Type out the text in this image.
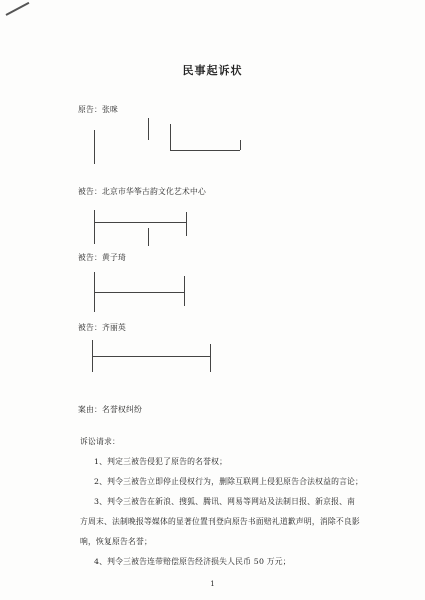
民事起诉状
原告：张咪
被告：北京市华筝古韵文化艺术中心
被告：黄子琦
被告：齐丽英
案由：名誉权纠纷
诉讼请求：
1、判定三被告侵犯了原告的名誉权；
2、判令三被告立即停止侵权行为，删除互联网上侵犯原告合法权益的言论；
3、判令三被告在新浪、搜狐、腾讯、网易等网站及法制日报、新京报、南
方周末、法制晚报等媒体的显著位置刊登向原告书面赔礼道歉声明，消除不良影
响，恢复原告名誉；
4、判令三被告连带赔偿原告经济损失人民币 50 万元；
1
